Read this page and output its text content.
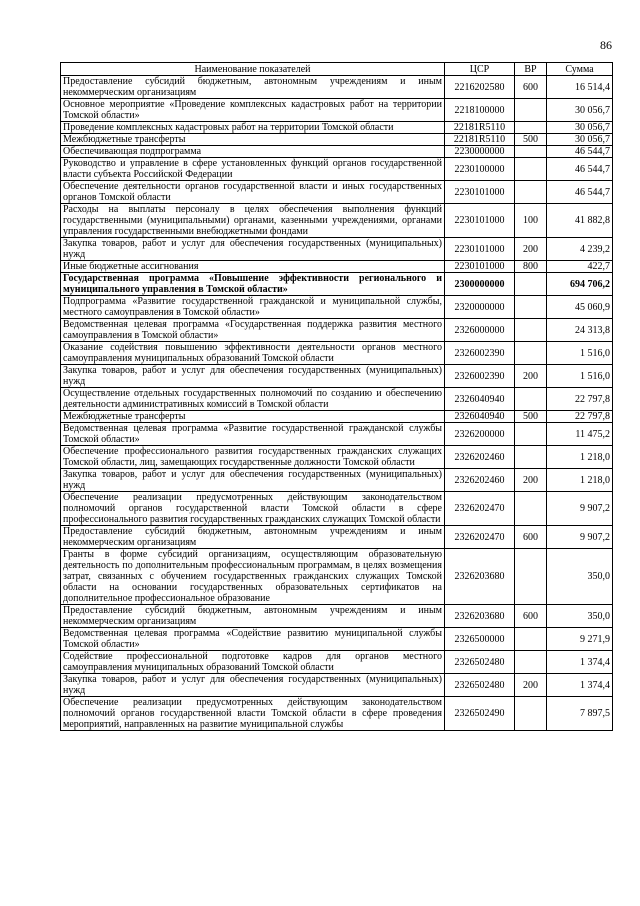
86
Наименование показателей	ЦСР	ВР	Сумма
Предоставление субсидий бюджетным, автономным учреждениям и иным некоммерческим организациям	2216202580	600	16 514,4
Основное мероприятие «Проведение комплексных кадастровых работ на территории Томской области»	2218100000		30 056,7
Проведение комплексных кадастровых работ на территории Томской области	22181R5110		30 056,7
Межбюджетные трансферты	22181R5110	500	30 056,7
Обеспечивающая подпрограмма	2230000000		46 544,7
Руководство и управление в сфере установленных функций органов государственной власти субъекта Российской Федерации	2230100000		46 544,7
Обеспечение деятельности органов государственной власти и иных государственных органов Томской области	2230101000		46 544,7
Расходы на выплаты персоналу в целях обеспечения выполнения функций государственными (муниципальными) органами, казенными учреждениями, органами управления государственными внебюджетными фондами	2230101000	100	41 882,8
Закупка товаров, работ и услуг для обеспечения государственных (муниципальных) нужд	2230101000	200	4 239,2
Иные бюджетные ассигнования	2230101000	800	422,7
Государственная программа «Повышение эффективности регионального и муниципального управления в Томской области»	2300000000		694 706,2
Подпрограмма «Развитие государственной гражданской и муниципальной службы, местного самоуправления в Томской области»	2320000000		45 060,9
Ведомственная целевая программа «Государственная поддержка развития местного самоуправления в Томской области»	2326000000		24 313,8
Оказание содействия повышению эффективности деятельности органов местного самоуправления муниципальных образований Томской области	2326002390		1 516,0
Закупка товаров, работ и услуг для обеспечения государственных (муниципальных) нужд	2326002390	200	1 516,0
Осуществление отдельных государственных полномочий по созданию и обеспечению деятельности административных комиссий в Томской области	2326040940		22 797,8
Межбюджетные трансферты	2326040940	500	22 797,8
Ведомственная целевая программа «Развитие государственной гражданской службы Томской области»	2326200000		11 475,2
Обеспечение профессионального развития государственных гражданских служащих Томской области, лиц, замещающих государственные должности Томской области	2326202460		1 218,0
Закупка товаров, работ и услуг для обеспечения государственных (муниципальных) нужд	2326202460	200	1 218,0
Обеспечение реализации предусмотренных действующим законодательством полномочий органов государственной власти Томской области в сфере профессионального развития государственных гражданских служащих Томской области	2326202470		9 907,2
Предоставление субсидий бюджетным, автономным учреждениям и иным некоммерческим организациям	2326202470	600	9 907,2
Гранты в форме субсидий организациям, осуществляющим образовательную деятельность по дополнительным профессиональным программам, в целях возмещения затрат, связанных с обучением государственных гражданских служащих Томской области на основании государственных образовательных сертификатов на дополнительное профессиональное образование	2326203680		350,0
Предоставление субсидий бюджетным, автономным учреждениям и иным некоммерческим организациям	2326203680	600	350,0
Ведомственная целевая программа «Содействие развитию муниципальной службы Томской области»	2326500000		9 271,9
Содействие профессиональной подготовке кадров для органов местного самоуправления муниципальных образований Томской области	2326502480		1 374,4
Закупка товаров, работ и услуг для обеспечения государственных (муниципальных) нужд	2326502480	200	1 374,4
Обеспечение реализации предусмотренных действующим законодательством полномочий органов государственной власти Томской области в сфере проведения мероприятий, направленных на развитие муниципальной службы	2326502490		7 897,5
